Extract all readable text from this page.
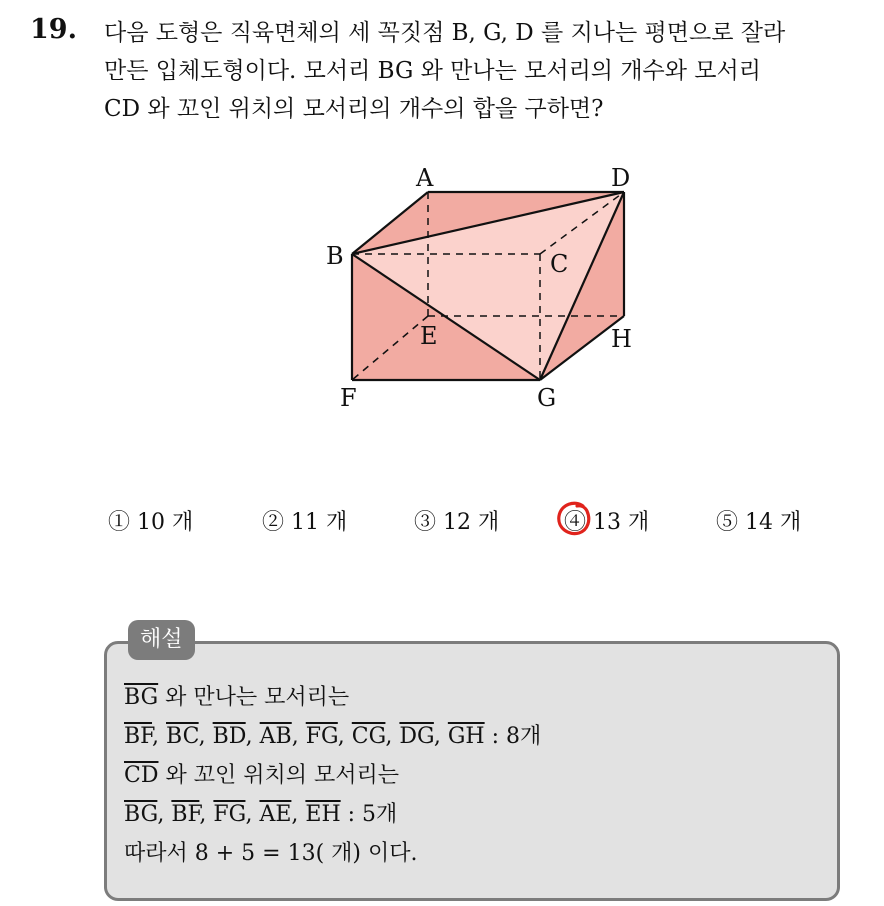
19. 다음 도형은 직육면체의 세 꼭짓점 B, G, D 를 지나는 평면으로 잘라
만든 입체도형이다. 모서리 BG 와 만나는 모서리의 개수와 모서리
CD 와 꼬인 위치의 모서리의 개수의 합을 구하면?
A	D
B	C
E	H
F	G
① 10 개	② 11 개	③ 12 개	④ 13 개	⑤ 14 개
해설
$\overline{BG}$ 와 만나는 모서리는
$\overline{BF}$, $\overline{BC}$, $\overline{BD}$, $\overline{AB}$, $\overline{FG}$, $\overline{CG}$, $\overline{DG}$, $\overline{GH}$ : 8개
$\overline{CD}$ 와 꼬인 위치의 모서리는
$\overline{BG}$, $\overline{BF}$, $\overline{FG}$, $\overline{AE}$, $\overline{EH}$ : 5개
따라서 8 + 5 = 13( 개) 이다.
